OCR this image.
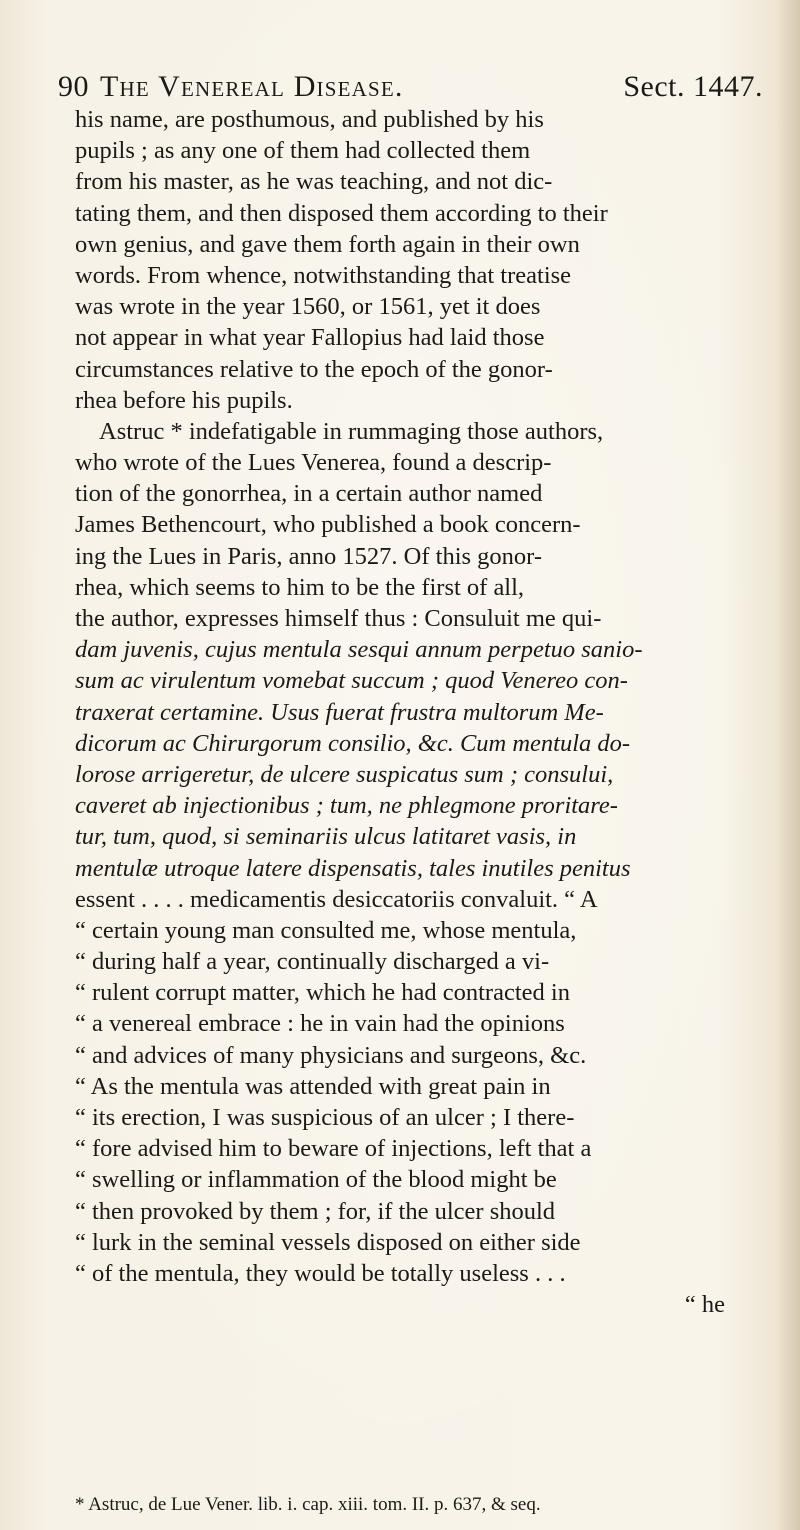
90 The Venereal Disease.	Sect. 1447.
his name, are posthumous, and published by his
pupils ; as any one of them had collected them
from his master, as he was teaching, and not dic-
tating them, and then disposed them according to their
own genius, and gave them forth again in their own
words. From whence, notwithstanding that treatise
was wrote in the year 1560, or 1561, yet it does
not appear in what year Fallopius had laid those
circumstances relative to the epoch of the gonor-
rhea before his pupils.
Astruc * indefatigable in rummaging those authors,
who wrote of the Lues Venerea, found a descrip-
tion of the gonorrhea, in a certain author named
James Bethencourt, who published a book concern-
ing the Lues in Paris, anno 1527. Of this gonor-
rhea, which seems to him to be the first of all,
the author, expresses himself thus : Consuluit me qui-
dam juvenis, cujus mentula sesqui annum perpetuo sanio-
sum ac virulentum vomebat succum ; quod Venereo con-
traxerat certamine. Usus fuerat frustra multorum Me-
dicorum ac Chirurgorum consilio, &c. Cum mentula do-
lorose arrigeretur, de ulcere suspicatus sum ; consului,
caveret ab injectionibus ; tum, ne phlegmone proritare-
tur, tum, quod, si seminariis ulcus latitaret vasis, in
mentulæ utroque latere dispensatis, tales inutiles penitus
essent . . . . medicamentis desiccatoriis convaluit. “ A
“ certain young man consulted me, whose mentula,
“ during half a year, continually discharged a vi-
“ rulent corrupt matter, which he had contracted in
“ a venereal embrace : he in vain had the opinions
“ and advices of many physicians and surgeons, &c.
“ As the mentula was attended with great pain in
“ its erection, I was suspicious of an ulcer ; I there-
“ fore advised him to beware of injections, left that a
“ swelling or inflammation of the blood might be
“ then provoked by them ; for, if the ulcer should
“ lurk in the seminal vessels disposed on either side
“ of the mentula, they would be totally useless . . .
“ he
* Astruc, de Lue Vener. lib. i. cap. xiii. tom. II. p. 637, & seq.
